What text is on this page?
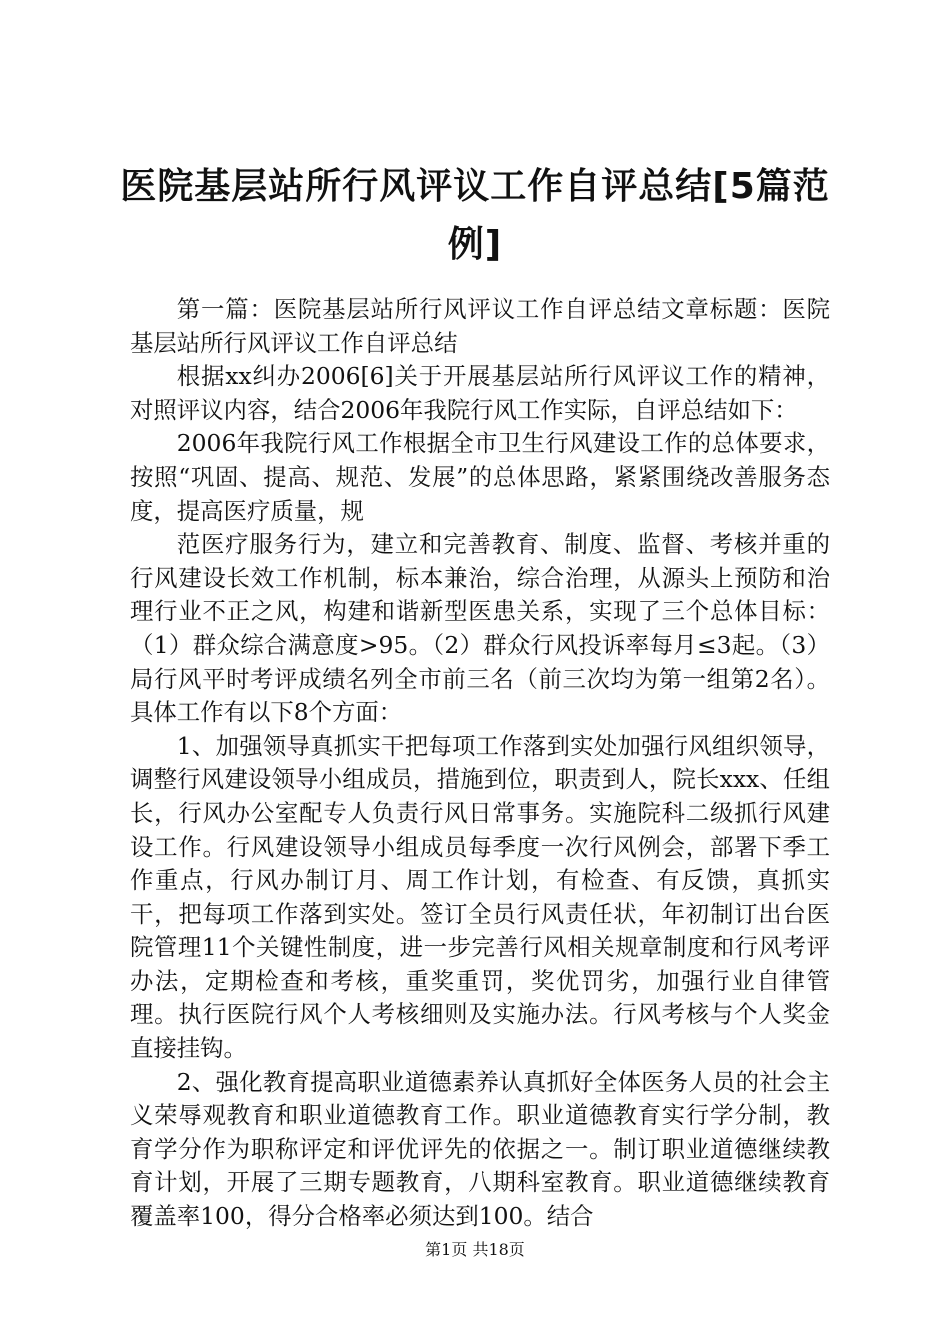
医院基层站所行风评议工作自评总结[5篇范例]

第一篇：医院基层站所行风评议工作自评总结文章标题：医院基层站所行风评议工作自评总结

根据xx纠办2006[6]关于开展基层站所行风评议工作的精神，对照评议内容，结合2006年我院行风工作实际，自评总结如下：

2006年我院行风工作根据全市卫生行风建设工作的总体要求，按照“巩固、提高、规范、发展”的总体思路，紧紧围绕改善服务态度，提高医疗质量，规

范医疗服务行为，建立和完善教育、制度、监督、考核并重的行风建设长效工作机制，标本兼治，综合治理，从源头上预防和治理行业不正之风，构建和谐新型医患关系，实现了三个总体目标：（1）群众综合满意度>95。（2）群众行风投诉率每月≤3起。（3）局行风平时考评成绩名列全市前三名（前三次均为第一组第2名）。具体工作有以下8个方面：

1、加强领导真抓实干把每项工作落到实处加强行风组织领导，调整行风建设领导小组成员，措施到位，职责到人，院长xxx、任组长，行风办公室配专人负责行风日常事务。实施院科二级抓行风建设工作。行风建设领导小组成员每季度一次行风例会，部署下季工作重点，行风办制订月、周工作计划，有检查、有反馈，真抓实干，把每项工作落到实处。签订全员行风责任状，年初制订出台医院管理11个关键性制度，进一步完善行风相关规章制度和行风考评办法，定期检查和考核，重奖重罚，奖优罚劣，加强行业自律管理。执行医院行风个人考核细则及实施办法。行风考核与个人奖金直接挂钩。

2、强化教育提高职业道德素养认真抓好全体医务人员的社会主义荣辱观教育和职业道德教育工作。职业道德教育实行学分制，教育学分作为职称评定和评优评先的依据之一。制订职业道德继续教育计划，开展了三期专题教育，八期科室教育。职业道德继续教育覆盖率100，得分合格率必须达到100。结合

第1页 共18页
